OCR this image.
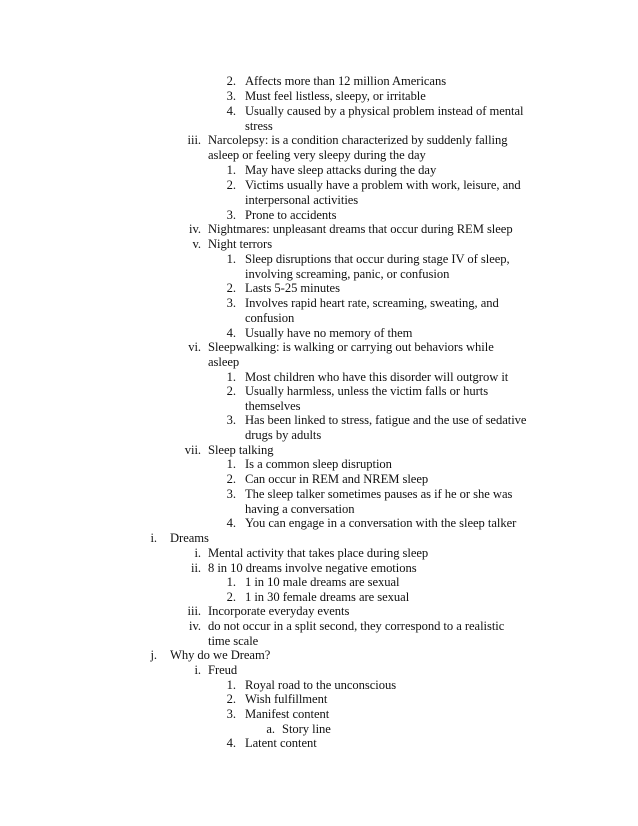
2. Affects more than 12 million Americans
3. Must feel listless, sleepy, or irritable
4. Usually caused by a physical problem instead of mental
stress
iii. Narcolepsy: is a condition characterized by suddenly falling
asleep or feeling very sleepy during the day
1. May have sleep attacks during the day
2. Victims usually have a problem with work, leisure, and
interpersonal activities
3. Prone to accidents
iv. Nightmares: unpleasant dreams that occur during REM sleep
v. Night terrors
1. Sleep disruptions that occur during stage IV of sleep,
involving screaming, panic, or confusion
2. Lasts 5-25 minutes
3. Involves rapid heart rate, screaming, sweating, and
confusion
4. Usually have no memory of them
vi. Sleepwalking: is walking or carrying out behaviors while
asleep
1. Most children who have this disorder will outgrow it
2. Usually harmless, unless the victim falls or hurts
themselves
3. Has been linked to stress, fatigue and the use of sedative
drugs by adults
vii. Sleep talking
1. Is a common sleep disruption
2. Can occur in REM and NREM sleep
3. The sleep talker sometimes pauses as if he or she was
having a conversation
4. You can engage in a conversation with the sleep talker
i. Dreams
i. Mental activity that takes place during sleep
ii. 8 in 10 dreams involve negative emotions
1. 1 in 10 male dreams are sexual
2. 1 in 30 female dreams are sexual
iii. Incorporate everyday events
iv. do not occur in a split second, they correspond to a realistic
time scale
j. Why do we Dream?
i. Freud
1. Royal road to the unconscious
2. Wish fulfillment
3. Manifest content
a. Story line
4. Latent content
